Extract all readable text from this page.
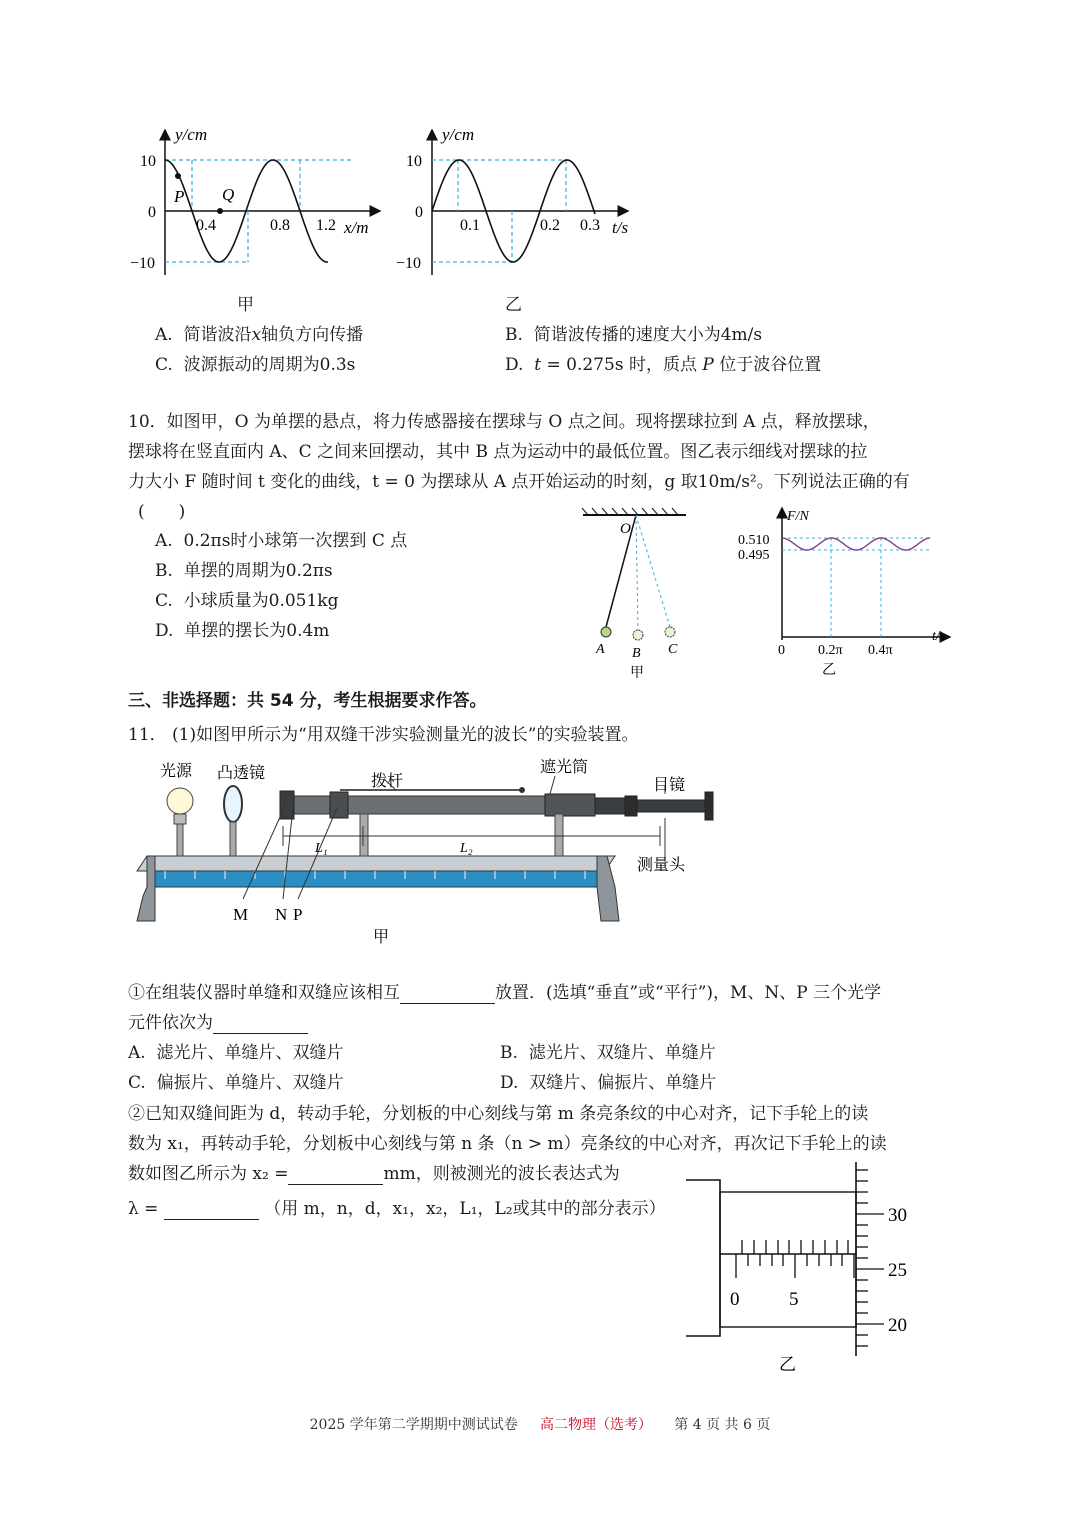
y/cm
10
0
−10
0.4	0.8 1.2 x/m
P Q
甲
y/cm
10
0
−10
0.1	0.2 0.3 t/s
乙
A. 简谐波沿x轴负方向传播	B. 简谐波传播的速度大小为4m/s
C. 波源振动的周期为0.3s	D. t = 0.275s 时，质点 P 位于波谷位置
10．如图甲，O 为单摆的悬点，将力传感器接在摆球与 O 点之间。现将摆球拉到 A 点，释放摆球，
摆球将在竖直面内 A、C 之间来回摆动，其中 B 点为运动中的最低位置。图乙表示细线对摆球的拉
力大小 F 随时间 t 变化的曲线，t = 0 为摆球从 A 点开始运动的时刻，g 取10m/s²。下列说法正确的有
(　　)
A. 0.2πs时小球第一次摆到 C 点
B. 单摆的周期为0.2πs
C. 小球质量为0.051kg
D. 单摆的摆长为0.4m
O
A B C
甲
F/N
0.510
0.495
t/s
0 0.2π 0.4π
乙
三、非选择题：共 54 分，考生根据要求作答。
11． (1)如图甲所示为“用双缝干涉实验测量光的波长”的实验装置。
光源 凸透镜	拨杆
遮光筒
目镜
测量头
L₁	L₂
M N P
甲
①在组装仪器时单缝和双缝应该相互	放置．(选填“垂直”或“平行”)，M、N、P 三个光学
元件依次为
A. 滤光片、单缝片、双缝片	B. 滤光片、双缝片、单缝片
C. 偏振片、单缝片、双缝片	D. 双缝片、偏振片、单缝片
②已知双缝间距为 d，转动手轮，分划板的中心刻线与第 m 条亮条纹的中心对齐，记下手轮上的读
数为 x₁，再转动手轮，分划板中心刻线与第 n 条（n > m）亮条纹的中心对齐，再次记下手轮上的读
数如图乙所示为 x₂ =	mm，则被测光的波长表达式为
λ =	（用 m，n，d，x₁，x₂，L₁，L₂或其中的部分表示）	30
25
20
0	5
乙
2025 学年第二学期期中测试试卷 高二物理（选考） 第 4 页 共 6 页
